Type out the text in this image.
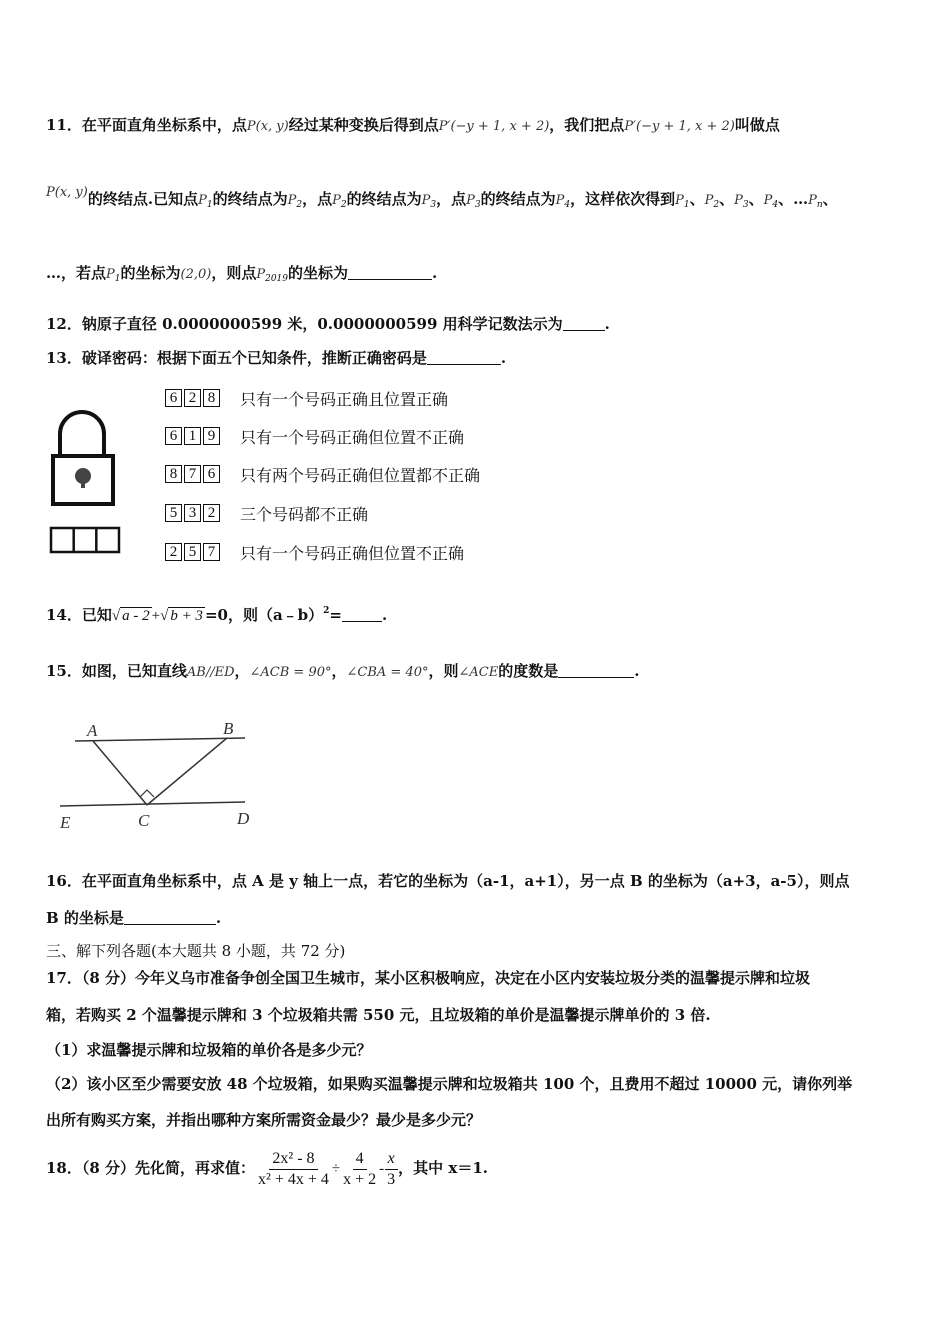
11．在平面直角坐标系中，点P(x, y)经过某种变换后得到点P′(−y + 1, x + 2)，我们把点P′(−y + 1, x + 2)叫做点
P(x, y)的终结点.已知点$P_1$的终结点为$P_2$，点$P_2$的终结点为$P_3$，点$P_3$的终结点为$P_4$，这样依次得到$P_1$、$P_2$、$P_3$、$P_4$、$\dots P_n$、
…，若点$P_1$的坐标为(2,0)，则点$P_{2019}$的坐标为	.
12．钠原子直径 0.0000000599 米，0.0000000599 用科学记数法示为	.
13．破译密码：根据下面五个已知条件，推断正确密码是	.
6 2 8 只有一个号码正确且位置正确
6 1 9 只有一个号码正确但位置不正确
8 7 6 只有两个号码正确但位置都不正确
5 3 2 三个号码都不正确
2 5 7 只有一个号码正确但位置不正确
14．已知√ a - 2 +√ b + 3 =0，则（a﹣b）$^2$=	.
15．如图，已知直线AB//ED，∠ACB = 90°，∠CBA = 40°，则∠ACE的度数是	.
A	B
E	C	D
16．在平面直角坐标系中，点 A 是 y 轴上一点，若它的坐标为（a-1，a+1），另一点 B 的坐标为（a+3，a-5），则点
B 的坐标是	.
三、解下列各题(本大题共 8 小题，共 72 分)
17．（8 分）今年义乌市准备争创全国卫生城市，某小区积极响应，决定在小区内安装垃圾分类的温馨提示牌和垃圾
箱，若购买 2 个温馨提示牌和 3 个垃圾箱共需 550 元，且垃圾箱的单价是温馨提示牌单价的 3 倍.
（1）求温馨提示牌和垃圾箱的单价各是多少元？
（2）该小区至少需要安放 48 个垃圾箱，如果购买温馨提示牌和垃圾箱共 100 个，且费用不超过 10000 元，请你列举
出所有购买方案，并指出哪种方案所需资金最少？最少是多少元？
18．（8 分）先化简，再求值： $\frac{\text{2x² - 8}}{\text{x² + 4x + 4}} \div \frac{4}{x + 2} - \frac{x}{3}$ ，其中 x＝1.
